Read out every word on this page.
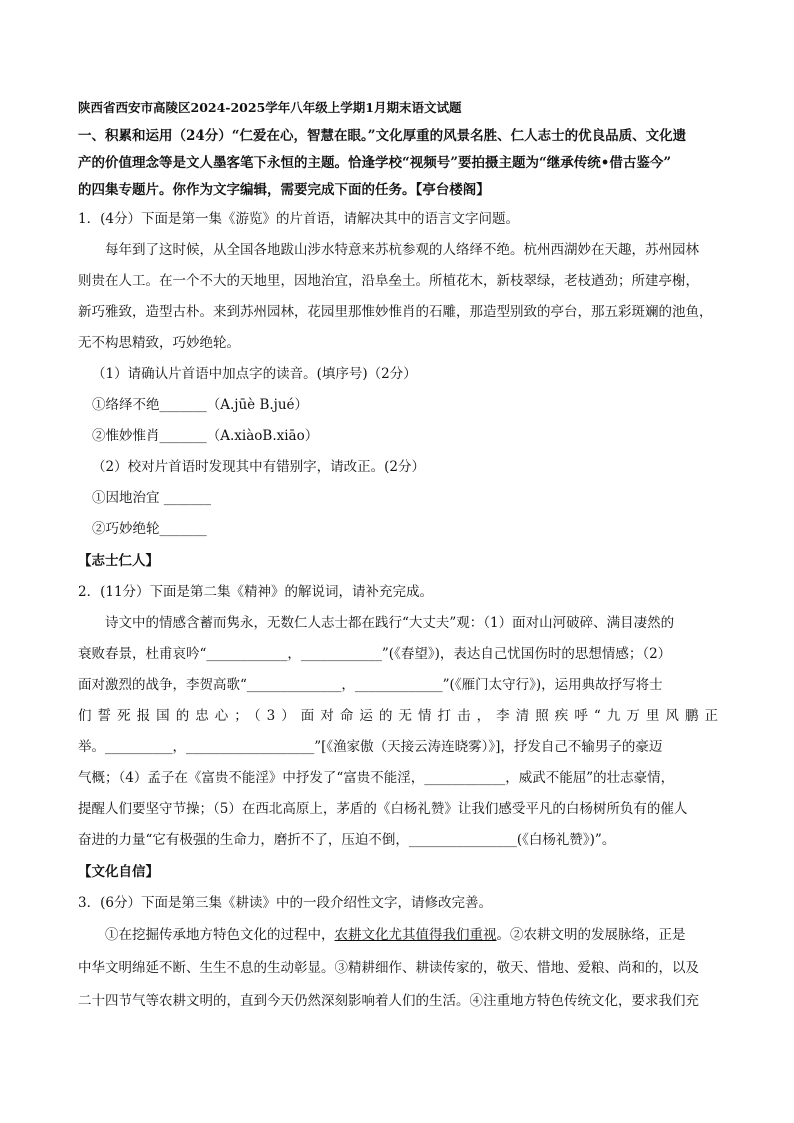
陕西省西安市高陵区2024-2025学年八年级上学期1月期末语文试题

一、积累和运用（24分）“仁爱在心，智慧在眼。”文化厚重的风景名胜、仁人志士的优良品质、文化遗

产的价值理念等是文人墨客笔下永恒的主题。恰逢学校“视频号”要拍摄主题为“继承传统•借古鉴今”

的四集专题片。你作为文字编辑，需要完成下面的任务。【亭台楼阁】

1．(4分）下面是第一集《游览》的片首语，请解决其中的语言文字问题。

每年到了这时候，从全国各地跋山涉水特意来苏杭参观的人络绎不绝。杭州西湖妙在天趣，苏州园林

则贵在人工。在一个不大的天地里，因地治宜，沿阜垒土。所植花木，新枝翠绿，老枝遒劲；所建亭榭，

新巧雅致，造型古朴。来到苏州园林，花园里那惟妙惟肖的石雕，那造型别致的亭台，那五彩斑斓的池鱼，

无不构思精致，巧妙绝轮。

（1）请确认片首语中加点字的读音。(填序号)（2分）

①络绎不绝_______（A.jūè B.jué）

②惟妙惟肖_______（A.xiàoB.xiāo）

（2）校对片首语时发现其中有错别字，请改正。(2分）

①因地治宜 _______

②巧妙绝轮_______

【志士仁人】

2．(11分）下面是第二集《精神》的解说词，请补充完成。

诗文中的情感含蓄而隽永，无数仁人志士都在践行“大丈夫”观：（1）面对山河破碎、满目凄然的

衰败春景，杜甫哀吟“____________，____________”(《春望》)，表达自己忧国伤时的思想情感；（2）

面对激烈的战争，李贺高歌“______________，_____________”(《雁门太守行》)，运用典故抒写将士

们誓死报国的忠心；（3）面对命运的无情打击，李清照疾呼“九万里风鹏正

举。__________，___________________”[《渔家傲（天接云涛连晓雾）》]，抒发自己不输男子的豪迈

气概；（4）孟子在《富贵不能淫》中抒发了“富贵不能淫，____________，威武不能屈”的壮志豪情，

提醒人们要坚守节操；（5）在西北高原上，茅盾的《白杨礼赞》让我们感受平凡的白杨树所负有的催人

奋进的力量“它有极强的生命力，磨折不了，压迫不倒，________________(《白杨礼赞》)”。

【文化自信】

3．(6分）下面是第三集《耕读》中的一段介绍性文字，请修改完善。

①在挖掘传承地方特色文化的过程中，农耕文化尤其值得我们重视。②农耕文明的发展脉络，正是

中华文明绵延不断、生生不息的生动彰显。③精耕细作、耕读传家的，敬天、惜地、爱粮、尚和的，以及

二十四节气等农耕文明的，直到今天仍然深刻影响着人们的生活。④注重地方特色传统文化，要求我们充
